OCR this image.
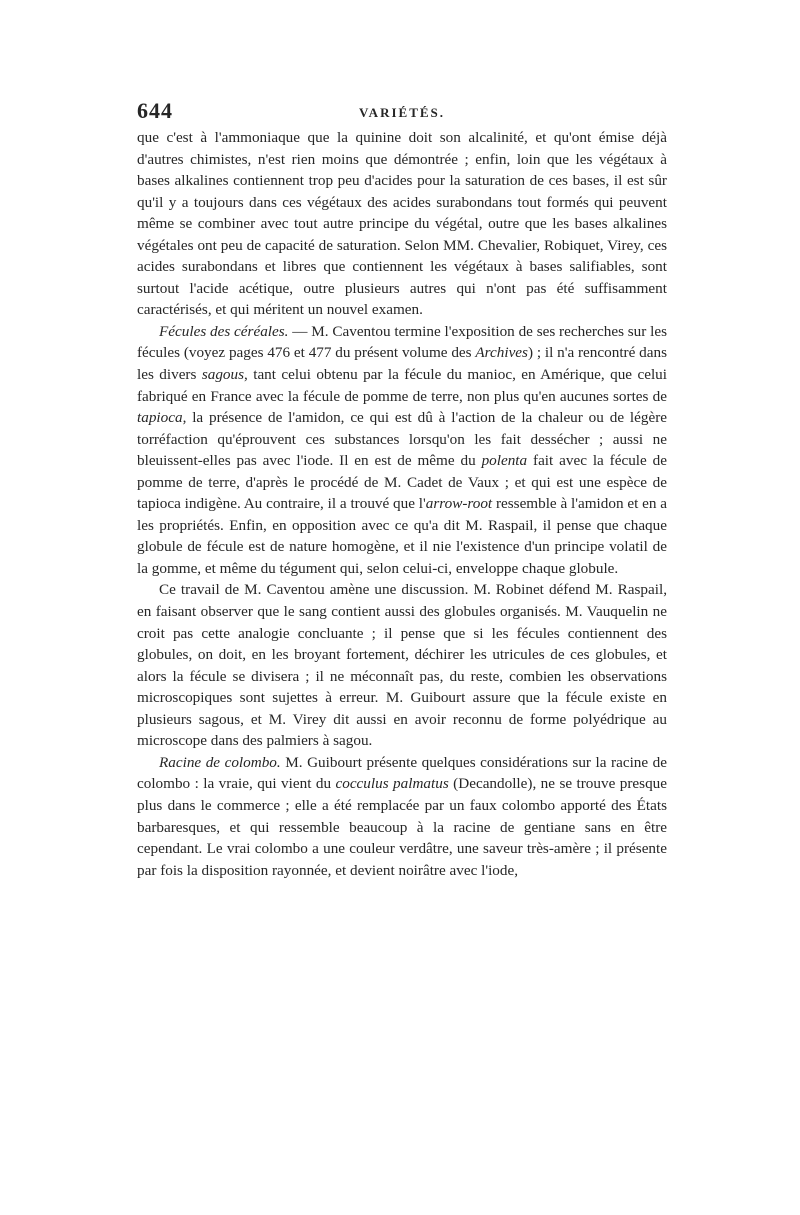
644	VARIÉTÉS.

que c'est à l'ammoniaque que la quinine doit son alcalinité, et qu'ont émise déjà d'autres chimistes, n'est rien moins que démontrée ; enfin, loin que les végétaux à bases alkalines contiennent trop peu d'acides pour la saturation de ces bases, il est sûr qu'il y a toujours dans ces végétaux des acides surabondans tout formés qui peuvent même se combiner avec tout autre principe du végétal, outre que les bases alkalines végétales ont peu de capacité de saturation. Selon MM. Chevalier, Robiquet, Virey, ces acides surabondans et libres que contiennent les végétaux à bases salifiables, sont surtout l'acide acétique, outre plusieurs autres qui n'ont pas été suffisamment caractérisés, et qui méritent un nouvel examen.

Fécules des céréales. — M. Caventou termine l'exposition de ses recherches sur les fécules (voyez pages 476 et 477 du présent volume des Archives) ; il n'a rencontré dans les divers sagous, tant celui obtenu par la fécule du manioc, en Amérique, que celui fabriqué en France avec la fécule de pomme de terre, non plus qu'en aucunes sortes de tapioca, la présence de l'amidon, ce qui est dû à l'action de la chaleur ou de légère torréfaction qu'éprouvent ces substances lorsqu'on les fait dessécher ; aussi ne bleuissent-elles pas avec l'iode. Il en est de même du polenta fait avec la fécule de pomme de terre, d'après le procédé de M. Cadet de Vaux ; et qui est une espèce de tapioca indigène. Au contraire, il a trouvé que l'arrow-root ressemble à l'amidon et en a les propriétés. Enfin, en opposition avec ce qu'a dit M. Raspail, il pense que chaque globule de fécule est de nature homogène, et il nie l'existence d'un principe volatil de la gomme, et même du tégument qui, selon celui-ci, enveloppe chaque globule.

Ce travail de M. Caventou amène une discussion. M. Robinet défend M. Raspail, en faisant observer que le sang contient aussi des globules organisés. M. Vauquelin ne croit pas cette analogie concluante ; il pense que si les fécules contiennent des globules, on doit, en les broyant fortement, déchirer les utricules de ces globules, et alors la fécule se divisera ; il ne méconnaît pas, du reste, combien les observations microscopiques sont sujettes à erreur. M. Guibourt assure que la fécule existe en plusieurs sagous, et M. Virey dit aussi en avoir reconnu de forme polyédrique au microscope dans des palmiers à sagou.

Racine de colombo. M. Guibourt présente quelques considérations sur la racine de colombo : la vraie, qui vient du cocculus palmatus (Decandolle), ne se trouve presque plus dans le commerce ; elle a été remplacée par un faux colombo apporté des États barbaresques, et qui ressemble beaucoup à la racine de gentiane sans en être cependant. Le vrai colombo a une couleur verdâtre, une saveur très-amère ; il présente par fois la disposition rayonnée, et devient noirâtre avec l'iode,
